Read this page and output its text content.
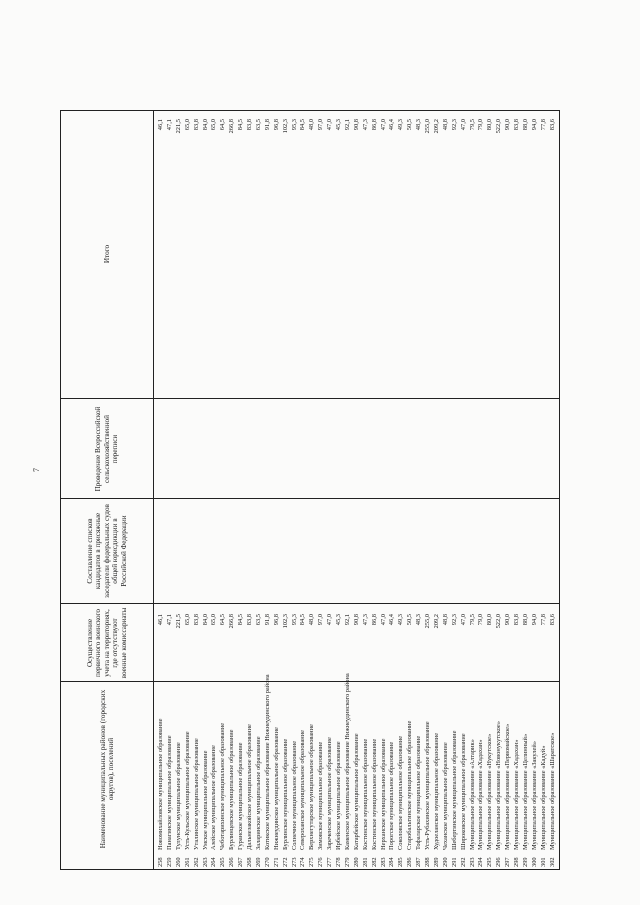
7
Наименование муниципальных районов (городских округов), поселений
Осуществление первичного воинского учета на территориях, где отсутствуют военные комиссариаты
Составление списков кандидатов в присяжные заседатели федеральных судов общей юрисдикции в Российской Федерации
Проведение Всероссийской сельскохозяйственной переписи
Итого
258
Новомихайловское муниципальное образование
46,1
46,1
259
Панагинское муниципальное образование
47,1
47,1
260
Тулунское муниципальное образование
221,5
221,5
261
Усть-Кульское муниципальное образование
65,0
65,0
262
Уталинское муниципальное образование
83,8
83,8
263
Умское муниципальное образование
84,0
84,0
264
Азейское муниципальное образование
65,0
65,0
265
Чеботарихинское муниципальное образование
64,5
64,5
266
Бурлинцевское муниципальное образование
266,8
266,8
267
Гуранское муниципальное образование
84,5
84,5
268
Дальнезакойское муниципальное образование
83,8
83,8
269
Заларинское муниципальное образование
63,5
63,5
270
Котикское муниципальное образование Нижнеудинского района
91,8
91,8
271
Нижнеудинское муниципальное образование
96,8
96,8
272
Бурлинское муниципальное образование
102,3
102,3
273
Солнечное муниципальное образование
95,3
95,3
274
Североханское муниципальное образование
84,5
84,5
275
Верхнегутарское муниципальное образование
48,0
48,0
276
Зимовское муниципальное образование
97,0
97,0
277
Зареченское муниципальное образование
47,0
47,0
278
Ирбейское муниципальное образование
45,3
45,3
279
Каменское муниципальное образование Нижнеудинского района
92,1
92,1
280
Катарбейское муниципальное образование
90,8
90,8
281
Костинское муниципальное образование
47,3
47,3
282
Костинское муниципальное образование
86,8
86,8
283
Нерханское муниципальное образование
47,0
47,0
284
Порогское муниципальное образование
46,4
46,4
285
Соколовское муниципальное образование
49,3
49,3
286
Старобальтинское муниципальное образование
50,5
50,5
287
Тофаларское муниципальное образование
48,3
48,3
288
Усть-Рубахинское муниципальное образование
255,0
255,0
289
Худоеланское муниципальное образование
209,2
209,2
290
Чеханское муниципальное образование
48,8
48,8
291
Шебертинское муниципальное образование
92,3
92,3
292
Широковское муниципальное образование
47,0
47,0
293
Муниципальное образование «Алтарик»
79,5
79,5
294
Муниципальное образование «Хадахан»
79,0
79,0
295
Муниципальное образование «Нукутское»
80,0
80,0
296
Муниципальное образование «Новонукутское»
522,0
522,0
297
Муниципальное образование «Первомайское»
90,0
90,0
298
Муниципальное образование «Хадахан»
83,8
83,8
299
Муниципальное образование «Целинный»
88,0
88,0
300
Муниципальное образование «Закулей»
94,0
94,0
301
Муниципальное образование «Кадуй»
77,8
77,8
302
Муниципальное образование «Шаратское»
83,6
83,6
